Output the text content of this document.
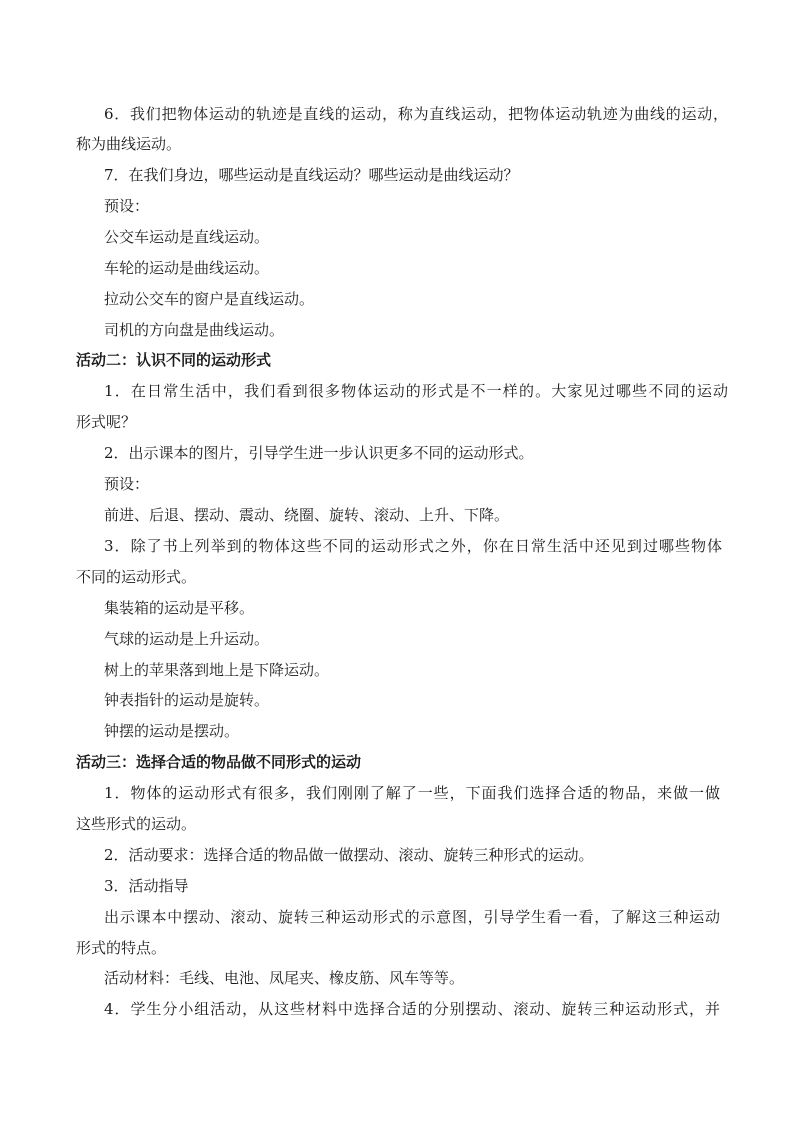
6．我们把物体运动的轨迹是直线的运动，称为直线运动，把物体运动轨迹为曲线的运动，
称为曲线运动。
7．在我们身边，哪些运动是直线运动？哪些运动是曲线运动？
预设：
公交车运动是直线运动。
车轮的运动是曲线运动。
拉动公交车的窗户是直线运动。
司机的方向盘是曲线运动。
活动二：认识不同的运动形式
1．在日常生活中，我们看到很多物体运动的形式是不一样的。大家见过哪些不同的运动
形式呢？
2．出示课本的图片，引导学生进一步认识更多不同的运动形式。
预设：
前进、后退、摆动、震动、绕圈、旋转、滚动、上升、下降。
3．除了书上列举到的物体这些不同的运动形式之外，你在日常生活中还见到过哪些物体
不同的运动形式。
集装箱的运动是平移。
气球的运动是上升运动。
树上的苹果落到地上是下降运动。
钟表指针的运动是旋转。
钟摆的运动是摆动。
活动三：选择合适的物品做不同形式的运动
1．物体的运动形式有很多，我们刚刚了解了一些，下面我们选择合适的物品，来做一做
这些形式的运动。
2．活动要求：选择合适的物品做一做摆动、滚动、旋转三种形式的运动。
3．活动指导
出示课本中摆动、滚动、旋转三种运动形式的示意图，引导学生看一看，了解这三种运动
形式的特点。
活动材料：毛线、电池、凤尾夹、橡皮筋、风车等等。
4．学生分小组活动，从这些材料中选择合适的分别摆动、滚动、旋转三种运动形式，并
